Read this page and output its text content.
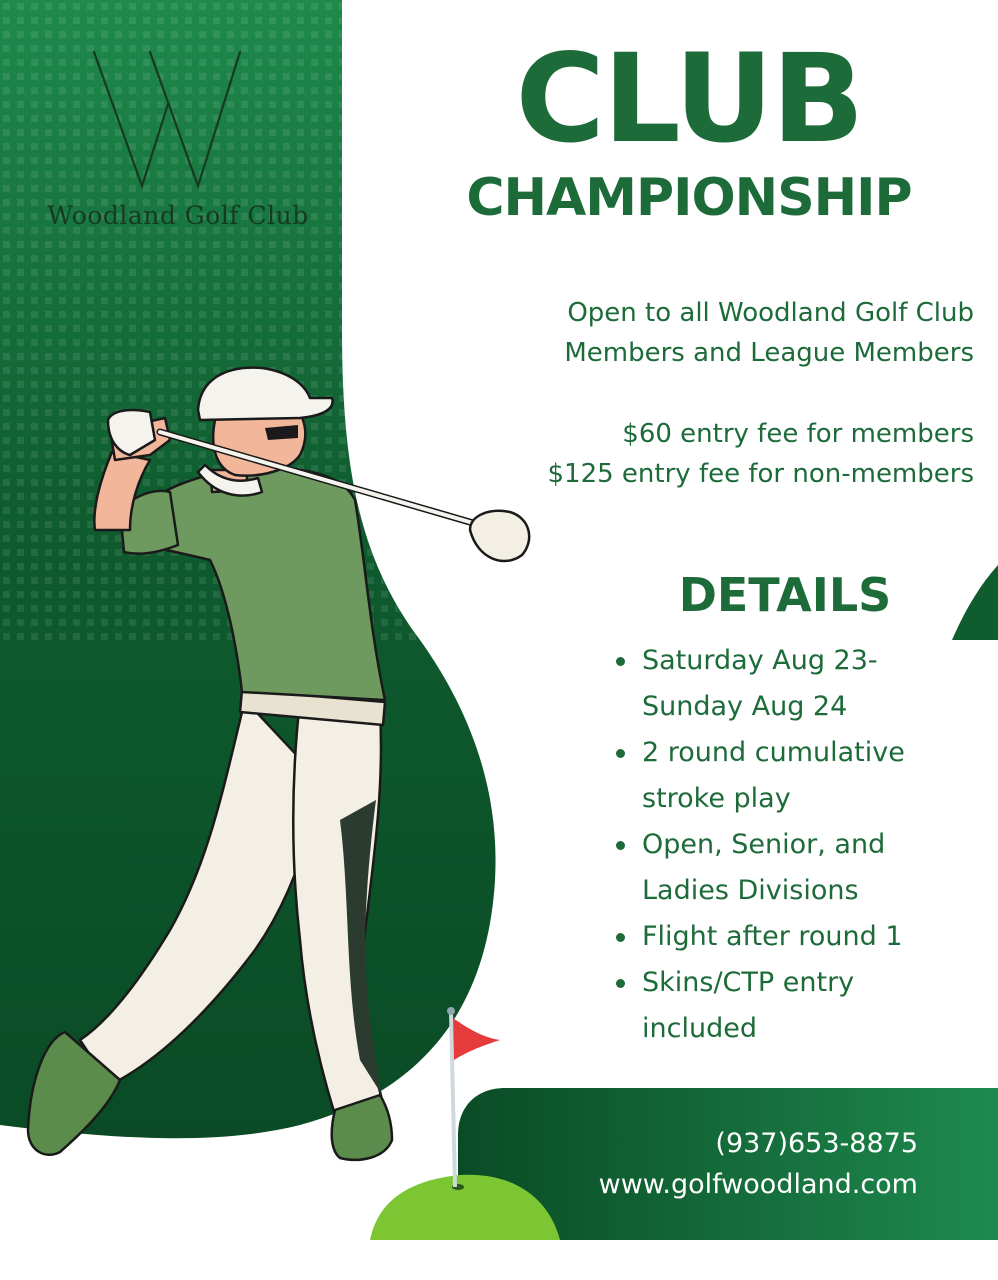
Woodland Golf Club
CLUB
CHAMPIONSHIP
Open to all Woodland Golf Club
Members and League Members
$60 entry fee for members
$125 entry fee for non-members
DETAILS
Saturday Aug 23-
Sunday Aug 24
2 round cumulative
stroke play
Open, Senior, and
Ladies Divisions
Flight after round 1
Skins/CTP entry
included
(937)653-8875
www.golfwoodland.com
